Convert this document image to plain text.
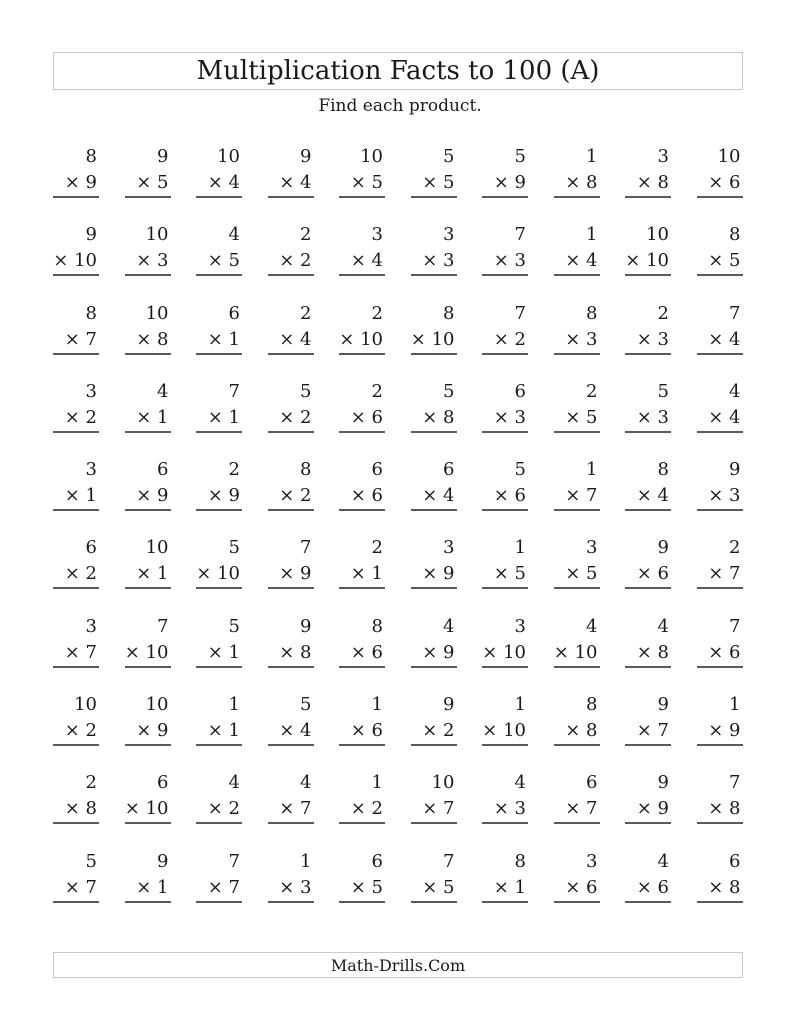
Multiplication Facts to 100 (A)
Find each product.
8
× 9
9
× 5
10
× 4
9
× 4
10
× 5
5
× 5
5
× 9
1
× 8
3
× 8
10
× 6
9
× 10
10
× 3
4
× 5
2
× 2
3
× 4
3
× 3
7
× 3
1
× 4
10
× 10
8
× 5
8
× 7
10
× 8
6
× 1
2
× 4
2
× 10
8
× 10
7
× 2
8
× 3
2
× 3
7
× 4
3
× 2
4
× 1
7
× 1
5
× 2
2
× 6
5
× 8
6
× 3
2
× 5
5
× 3
4
× 4
3
× 1
6
× 9
2
× 9
8
× 2
6
× 6
6
× 4
5
× 6
1
× 7
8
× 4
9
× 3
6
× 2
10
× 1
5
× 10
7
× 9
2
× 1
3
× 9
1
× 5
3
× 5
9
× 6
2
× 7
3
× 7
7
× 10
5
× 1
9
× 8
8
× 6
4
× 9
3
× 10
4
× 10
4
× 8
7
× 6
10
× 2
10
× 9
1
× 1
5
× 4
1
× 6
9
× 2
1
× 10
8
× 8
9
× 7
1
× 9
2
× 8
6
× 10
4
× 2
4
× 7
1
× 2
10
× 7
4
× 3
6
× 7
9
× 9
7
× 8
5
× 7
9
× 1
7
× 7
1
× 3
6
× 5
7
× 5
8
× 1
3
× 6
4
× 6
6
× 8
Math-Drills.Com
